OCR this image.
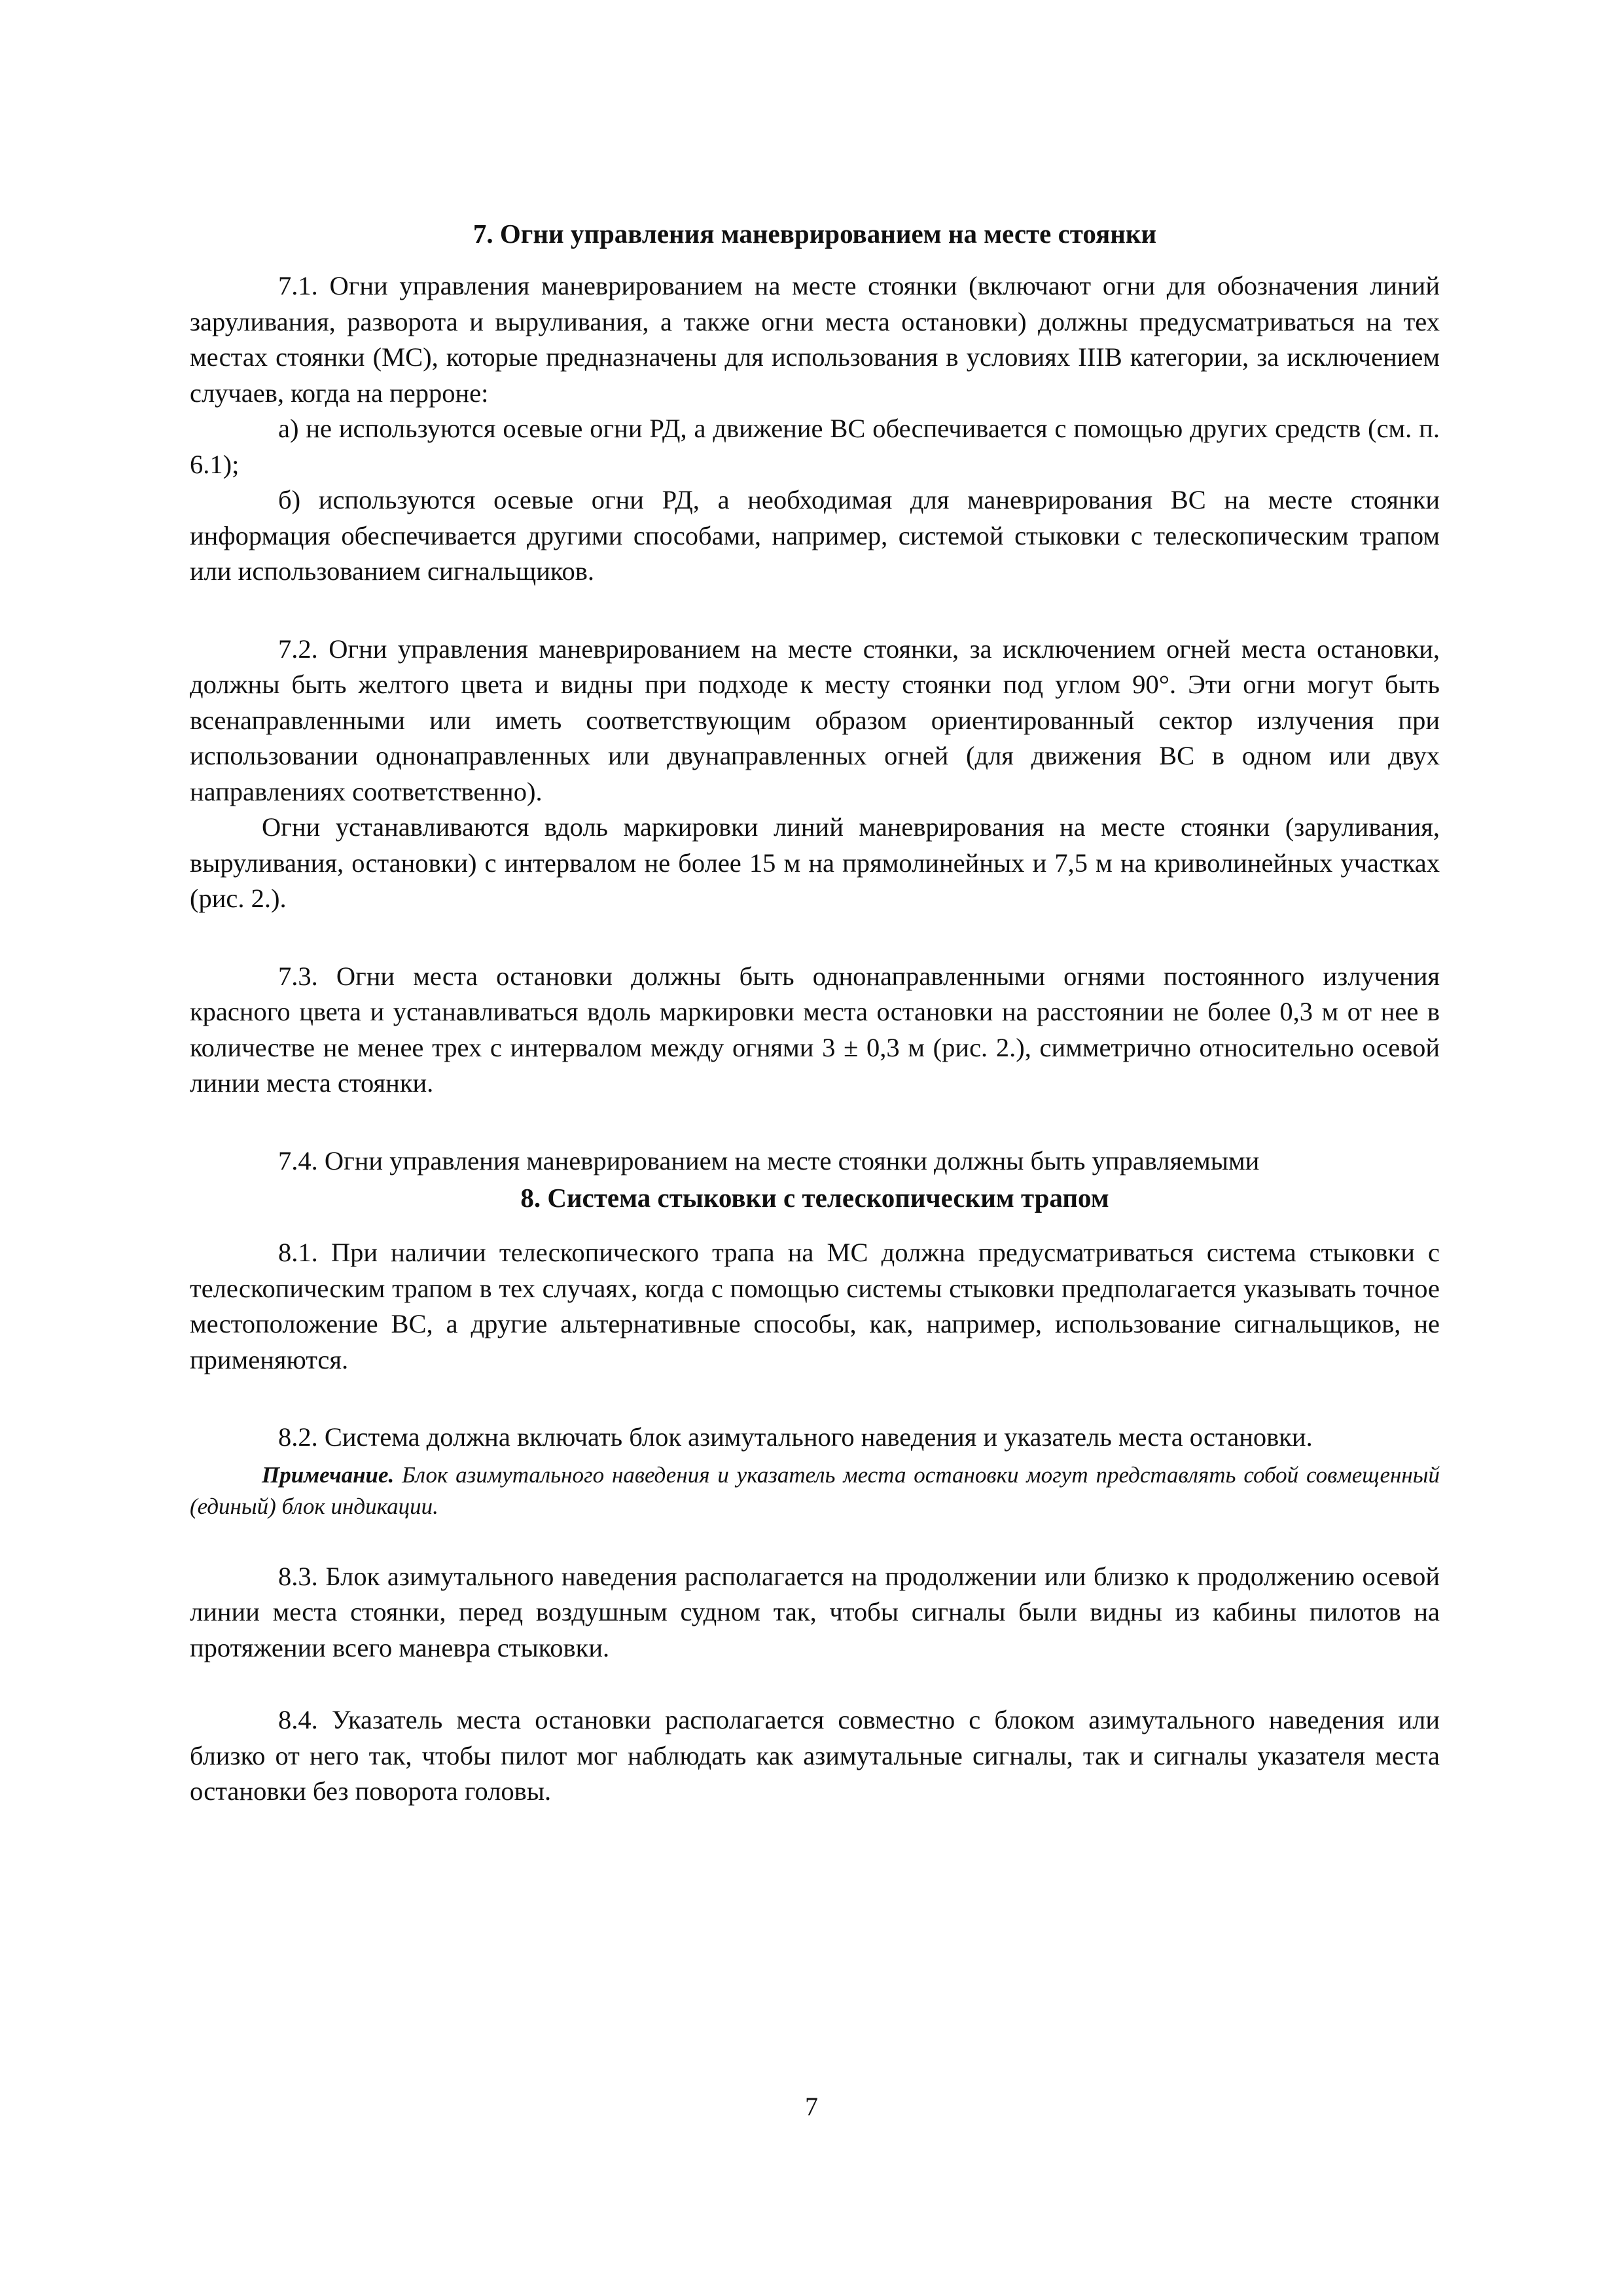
7. Огни управления маневрированием на месте стоянки

7.1. Огни управления маневрированием на месте стоянки (включают огни для обозначения линий заруливания, разворота и выруливания, а также огни места остановки) должны предусматриваться на тех местах стоянки (МС), которые предназначены для использования в условиях IIIВ категории, за исключением случаев, когда на перроне:

а) не используются осевые огни РД, а движение ВС обеспечивается с помощью других средств (см. п. 6.1);

б) используются осевые огни РД, а необходимая для маневрирования ВС на месте стоянки информация обеспечивается другими способами, например, системой стыковки с телескопическим трапом или использованием сигнальщиков.

7.2. Огни управления маневрированием на месте стоянки, за исключением огней места остановки, должны быть желтого цвета и видны при подходе к месту стоянки под углом 90°. Эти огни могут быть всенаправленными или иметь соответствующим образом ориентированный сектор излучения при использовании однонаправленных или двунаправленных огней (для движения ВС в одном или двух направлениях соответственно).

Огни устанавливаются вдоль маркировки линий маневрирования на месте стоянки (заруливания, выруливания, остановки) с интервалом не более 15 м на прямолинейных и 7,5 м на криволинейных участках (рис. 2.).

7.3. Огни места остановки должны быть однонаправленными огнями постоянного излучения красного цвета и устанавливаться вдоль маркировки места остановки на расстоянии не более 0,3 м от нее в количестве не менее трех с интервалом между огнями 3 ± 0,3 м (рис. 2.), симметрично относительно осевой линии места стоянки.

7.4. Огни управления маневрированием на месте стоянки должны быть управляемыми

8. Система стыковки с телескопическим трапом

8.1. При наличии телескопического трапа на МС должна предусматриваться система стыковки с телескопическим трапом в тех случаях, когда с помощью системы стыковки предполагается указывать точное местоположение ВС, а другие альтернативные способы, как, например, использование сигнальщиков, не применяются.

8.2. Система должна включать блок азимутального наведения и указатель места остановки.

Примечание. Блок азимутального наведения и указатель места остановки могут представлять собой совмещенный (единый) блок индикации.

8.3. Блок азимутального наведения располагается на продолжении или близко к продолжению осевой линии места стоянки, перед воздушным судном так, чтобы сигналы были видны из кабины пилотов на протяжении всего маневра стыковки.

8.4. Указатель места остановки располагается совместно с блоком азимутального наведения или близко от него так, чтобы пилот мог наблюдать как азимутальные сигналы, так и сигналы указателя места остановки без поворота головы.

7
